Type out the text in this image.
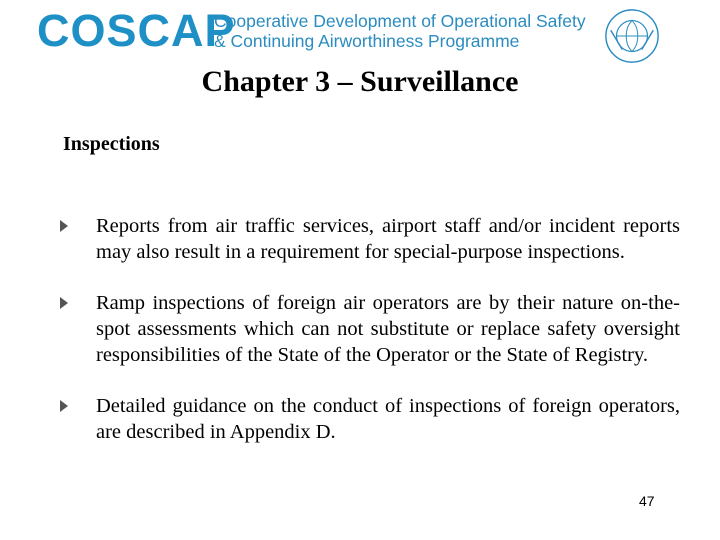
COSCAP
Cooperative Development of Operational Safety
& Continuing Airworthiness Programme
Chapter 3 – Surveillance
Inspections
Reports from air traffic services, airport staff and/or incident reports may also result in a requirement for special-purpose inspections.
Ramp inspections of foreign air operators are by their nature on-the-spot assessments which can not substitute or replace safety oversight responsibilities of the State of the Operator or the State of Registry.
Detailed guidance on the conduct of inspections of foreign operators, are described in Appendix D.
47
